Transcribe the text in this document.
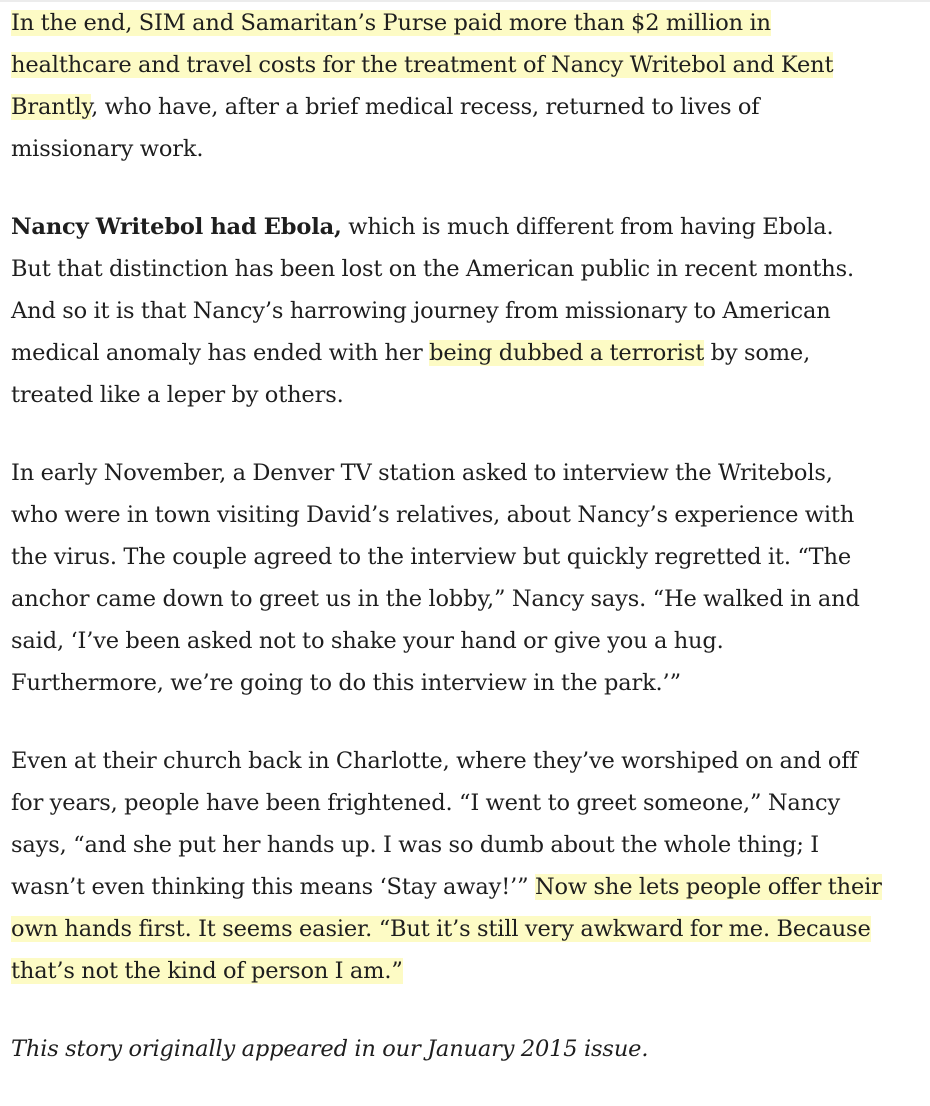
In the end, SIM and Samaritan’s Purse paid more than $2 million in
healthcare and travel costs for the treatment of Nancy Writebol and Kent
Brantly, who have, after a brief medical recess, returned to lives of
missionary work.

Nancy Writebol had Ebola, which is much different from having Ebola.
But that distinction has been lost on the American public in recent months.
And so it is that Nancy’s harrowing journey from missionary to American
medical anomaly has ended with her being dubbed a terrorist by some,
treated like a leper by others.

In early November, a Denver TV station asked to interview the Writebols,
who were in town visiting David’s relatives, about Nancy’s experience with
the virus. The couple agreed to the interview but quickly regretted it. “The
anchor came down to greet us in the lobby,” Nancy says. “He walked in and
said, ‘I’ve been asked not to shake your hand or give you a hug.
Furthermore, we’re going to do this interview in the park.’”

Even at their church back in Charlotte, where they’ve worshiped on and off
for years, people have been frightened. “I went to greet someone,” Nancy
says, “and she put her hands up. I was so dumb about the whole thing; I
wasn’t even thinking this means ‘Stay away!’” Now she lets people offer their
own hands first. It seems easier. “But it’s still very awkward for me. Because
that’s not the kind of person I am.”

This story originally appeared in our January 2015 issue.
